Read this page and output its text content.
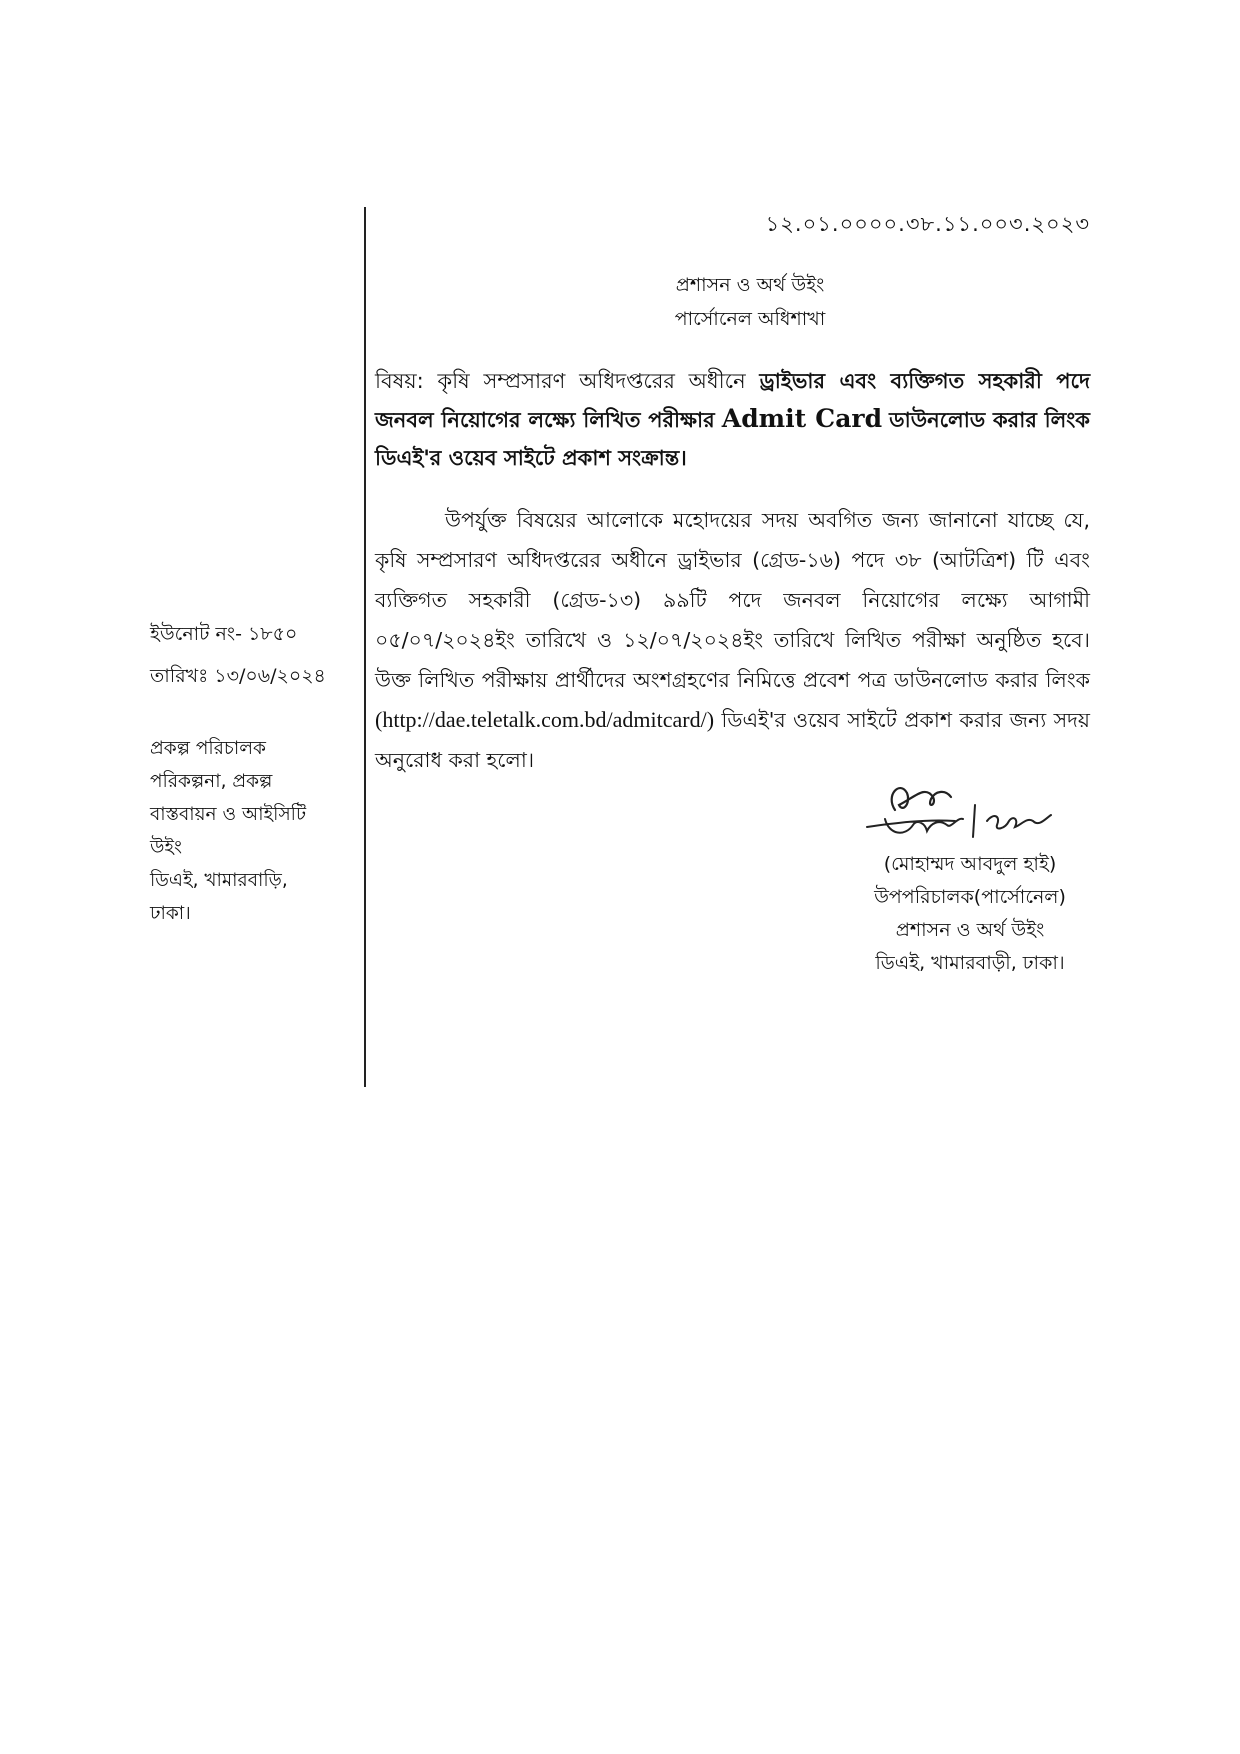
১২.০১.০০০০.৩৮.১১.০০৩.২০২৩
প্রশাসন ও অর্থ উইং
পার্সোনেল অধিশাখা
বিষয়: কৃষি সম্প্রসারণ অধিদপ্তরের অধীনে ড্রাইভার এবং ব্যক্তিগত সহকারী পদে জনবল নিয়োগের লক্ষ্যে লিখিত পরীক্ষার Admit Card ডাউনলোড করার লিংক ডিএই'র ওয়েব সাইটে প্রকাশ সংক্রান্ত।
উপর্যুক্ত বিষয়ের আলোকে মহোদয়ের সদয় অবগিত জন্য জানানো যাচ্ছে যে, কৃষি সম্প্রসারণ অধিদপ্তরের অধীনে ড্রাইভার (গ্রেড-১৬) পদে ৩৮ (আটত্রিশ) টি এবং ব্যক্তিগত সহকারী (গ্রেড-১৩) ৯৯টি পদে জনবল নিয়োগের লক্ষ্যে আগামী ০৫/০৭/২০২৪ইং তারিখে ও ১২/০৭/২০২৪ইং তারিখে লিখিত পরীক্ষা অনুষ্ঠিত হবে। উক্ত লিখিত পরীক্ষায় প্রার্থীদের অংশগ্রহণের নিমিত্তে প্রবেশ পত্র ডাউনলোড করার লিংক (http://dae.teletalk.com.bd/admitcard/) ডিএই'র ওয়েব সাইটে প্রকাশ করার জন্য সদয় অনুরোধ করা হলো।
ইউনোট নং- ১৮৫০
তারিখঃ ১৩/০৬/২০২৪
প্রকল্প পরিচালক
পরিকল্পনা, প্রকল্প
বাস্তবায়ন ও আইসিটি
উইং
ডিএই, খামারবাড়ি,
ঢাকা।
(মোহাম্মদ আবদুল হাই)
উপপরিচালক(পার্সোনেল)
প্রশাসন ও অর্থ উইং
ডিএই, খামারবাড়ী, ঢাকা।
